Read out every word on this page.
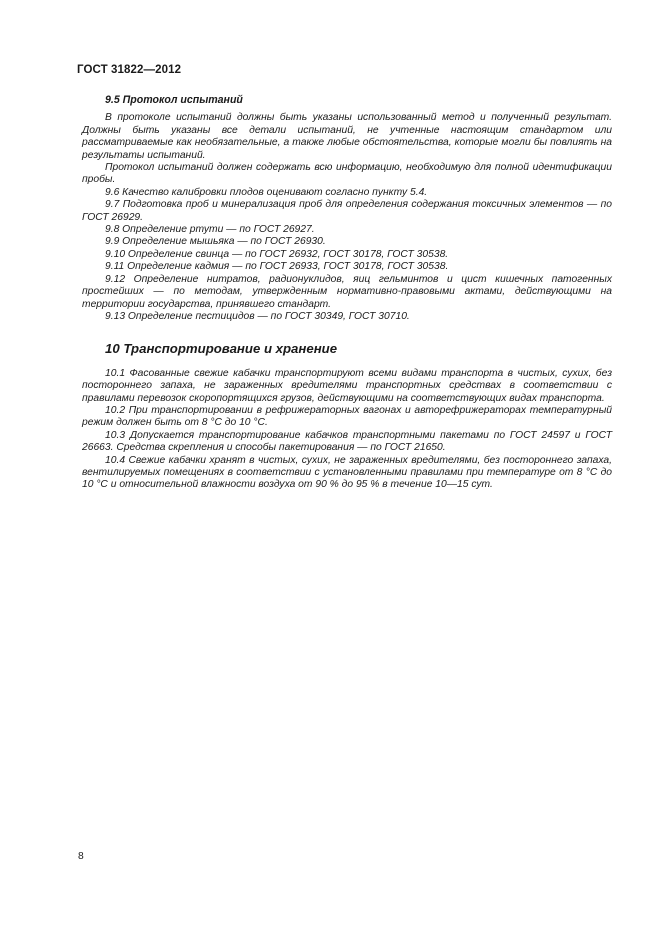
ГОСТ 31822—2012
9.5 Протокол испытаний

В протоколе испытаний должны быть указаны использованный метод и полученный результат. Должны быть указаны все детали испытаний, не учтенные настоящим стандартом или рассматриваемые как необязательные, а также любые обстоятельства, которые могли бы повлиять на результаты испытаний.

Протокол испытаний должен содержать всю информацию, необходимую для полной идентификации пробы.

9.6 Качество калибровки плодов оценивают согласно пункту 5.4.

9.7 Подготовка проб и минерализация проб для определения содержания токсичных элементов — по ГОСТ 26929.

9.8 Определение ртути — по ГОСТ 26927.

9.9 Определение мышьяка — по ГОСТ 26930.

9.10 Определение свинца — по ГОСТ 26932, ГОСТ 30178, ГОСТ 30538.

9.11 Определение кадмия — по ГОСТ 26933, ГОСТ 30178, ГОСТ 30538.

9.12 Определение нитратов, радионуклидов, яиц гельминтов и цист кишечных патогенных простейших — по методам, утвержденным нормативно-правовыми актами, действующими на территории государства, принявшего стандарт.

9.13 Определение пестицидов — по ГОСТ 30349, ГОСТ 30710.

10 Транспортирование и хранение

10.1 Фасованные свежие кабачки транспортируют всеми видами транспорта в чистых, сухих, без постороннего запаха, не зараженных вредителями транспортных средствах в соответствии с правилами перевозок скоропортящихся грузов, действующими на соответствующих видах транспорта.

10.2 При транспортировании в рефрижераторных вагонах и авторефрижераторах температурный режим должен быть от 8 °С до 10 °С.

10.3 Допускается транспортирование кабачков транспортными пакетами по ГОСТ 24597 и ГОСТ 26663. Средства скрепления и способы пакетирования — по ГОСТ 21650.

10.4 Свежие кабачки хранят в чистых, сухих, не зараженных вредителями, без постороннего запаха, вентилируемых помещениях в соответствии с установленными правилами при температуре от 8 °С до 10 °С и относительной влажности воздуха от 90 % до 95 % в течение 10—15 сут.

8
